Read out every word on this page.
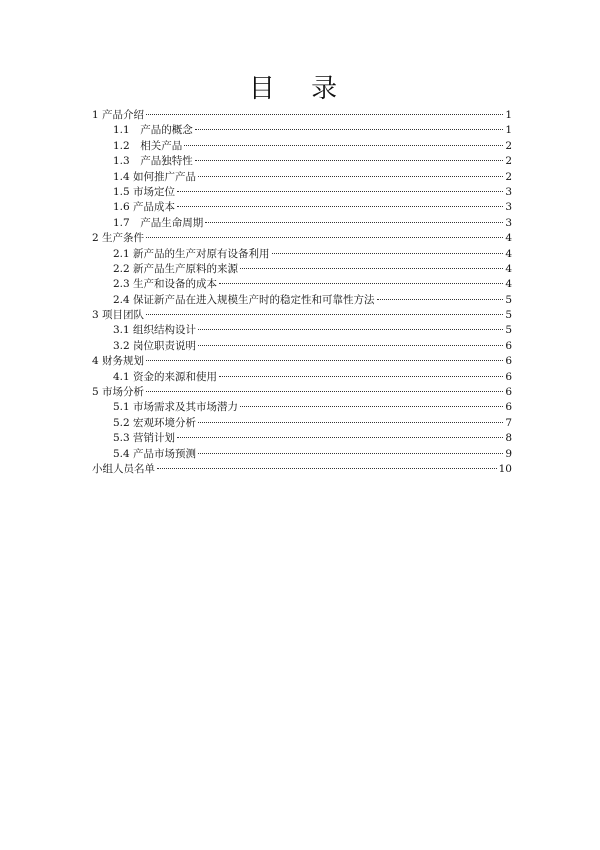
目 录
1 产品介绍	1
1.1　产品的概念	1
1.2　相关产品	2
1.3　产品独特性	2
1.4 如何推广产品	2
1.5 市场定位	3
1.6 产品成本	3
1.7　产品生命周期	3
2 生产条件	4
2.1 新产品的生产对原有设备利用	4
2.2 新产品生产原料的来源	4
2.3 生产和设备的成本	4
2.4 保证新产品在进入规模生产时的稳定性和可靠性方法	5
3 项目团队	5
3.1 组织结构设计	5
3.2 岗位职责说明	6
4 财务规划	6
4.1 资金的来源和使用	6
5 市场分析	6
5.1 市场需求及其市场潜力	6
5.2 宏观环境分析	7
5.3 营销计划	8
5.4 产品市场预测	9
小组人员名单	10
